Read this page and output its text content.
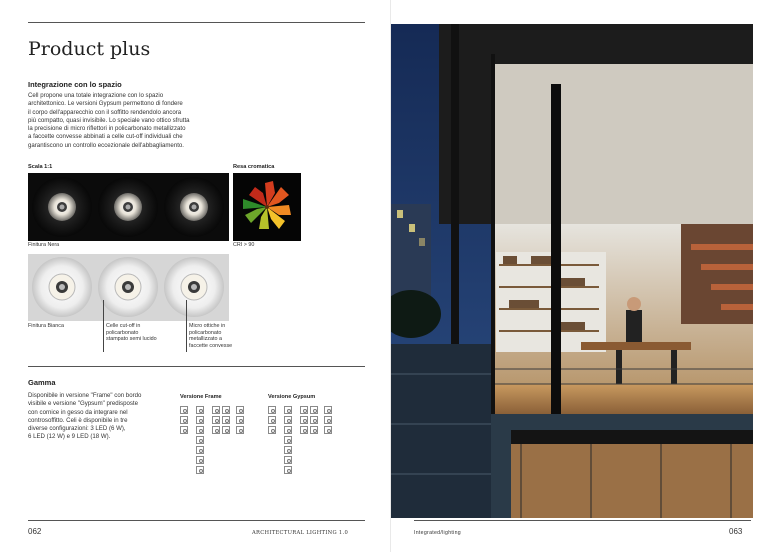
Product plus
Integrazione con lo spazio
Cell propone una totale integrazione con lo spazio
architettonico. Le versioni Gypsum permettono di fondere
il corpo dell'apparecchio con il soffitto rendendolo ancora
più compatto, quasi invisibile. Lo speciale vano ottico sfrutta
la precisione di micro riflettori in policarbonato metallizzato
a faccette convesse abbinati a celle cut-off individuali che
garantiscono un controllo eccezionale dell'abbagliamento.
Scala 1:1	Resa cromatica
Finitura Nera	CRI > 90
Finitura Bianca	Celle cut-off in
policarbonato
stampato semi lucido
Micro ottiche in
policarbonato
metallizzato a
faccette convesse
Gamma
Disponibile in versione "Frame" con bordo
visibile e versione "Gypsum" predisposte
con cornice in gesso da integrare nel
controsoffitto. Celi è disponibile in tre
diverse configurazioni: 3 LED (6 W),
6 LED (12 W) e 9 LED (18 W).
Versione Frame	Versione Gypsum
062	ARCHITECTURAL LIGHTING 1.0	Integrated/lighting	063
